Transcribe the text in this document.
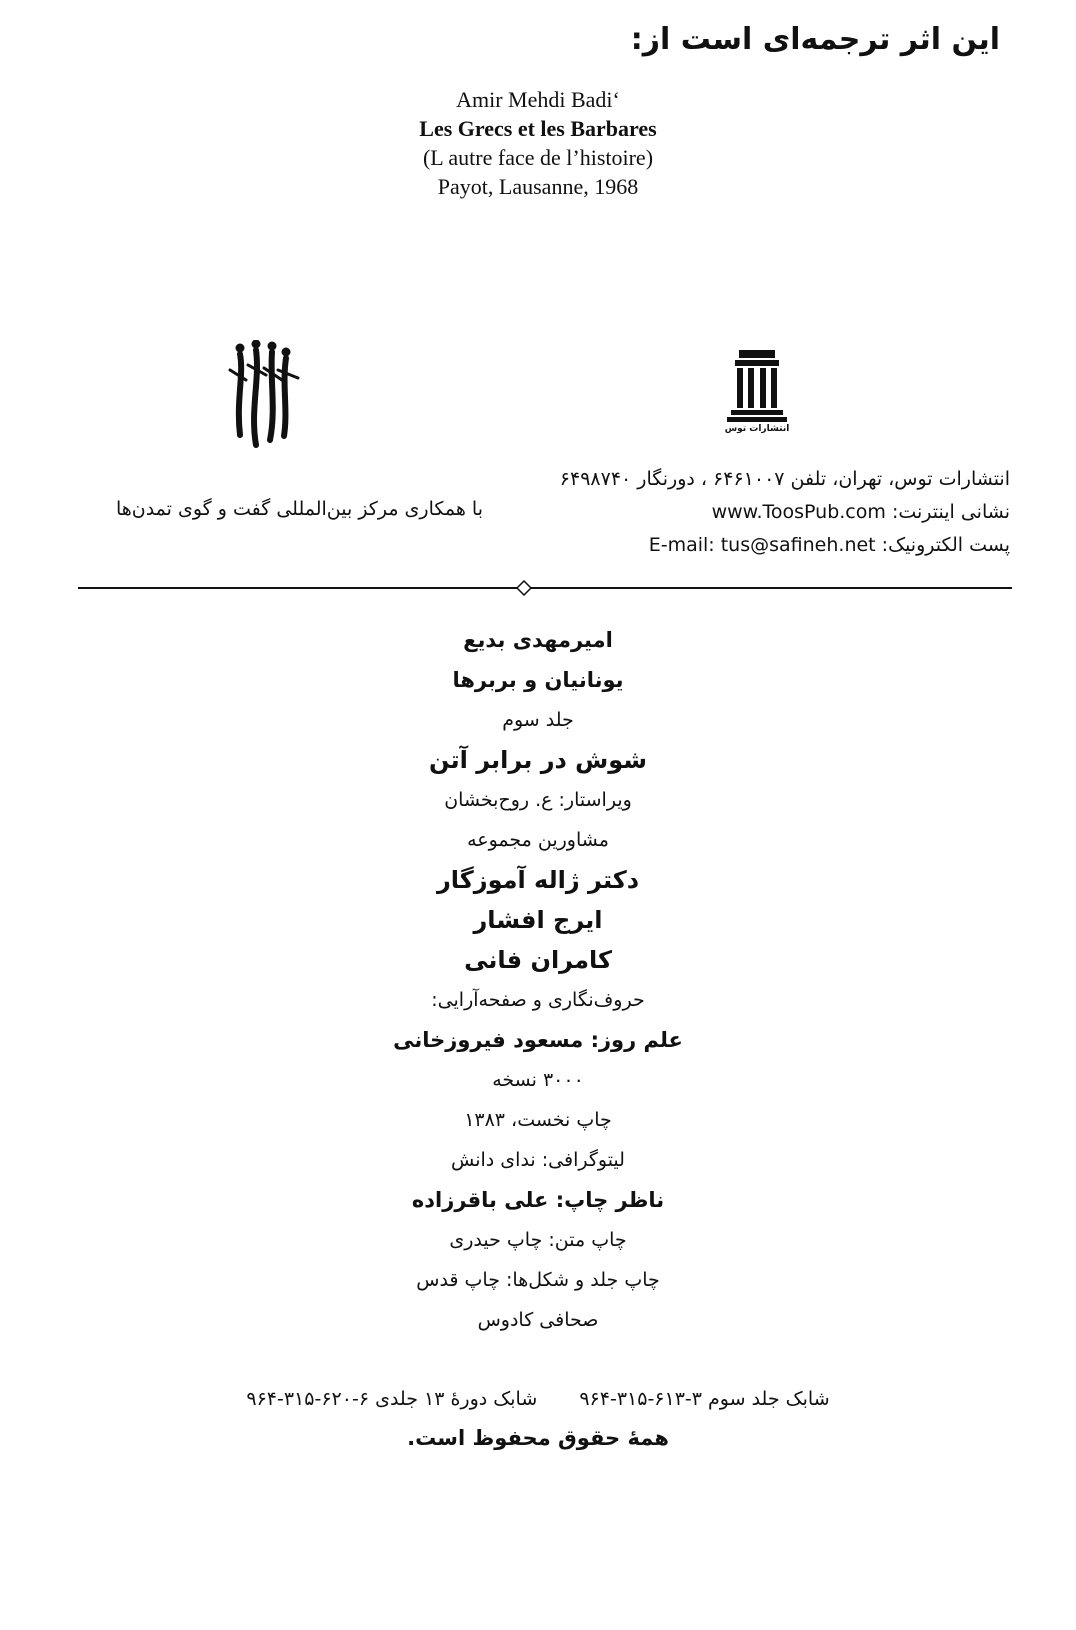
این اثر ترجمه‌ای است از:
Amir Mehdi Badi‘
Les Grecs et les Barbares
(L autre face de l’histoire)
Payot, Lausanne, 1968
انتشارات توس
با همکاری مرکز بین‌المللی گفت و گوی تمدن‌ها
انتشارات توس، تهران، تلفن ۶۴۶۱۰۰۷ ، دورنگار ۶۴۹۸۷۴۰
www.ToosPub.com نشانی اینترنت:
E-mail: tus@safineh.net پست الکترونیک:
امیرمهدی بدیع
یونانیان و بربرها
جلد سوم
شوش در برابر آتن
ویراستار: ع. روح‌بخشان
مشاورین مجموعه
دکتر ژاله آموزگار
ایرج افشار
کامران فانی
حروف‌نگاری و صفحه‌آرایی:
علم روز: مسعود فیروزخانی
۳۰۰۰ نسخه
چاپ نخست، ۱۳۸۳
لیتوگرافی: ندای دانش
ناظر چاپ: علی باقرزاده
چاپ متن: چاپ حیدری
چاپ جلد و شکل‌ها: چاپ قدس
صحافی کادوس
شابک جلد سوم ۳-۶۱۳-۳۱۵-۹۶۴ شابک دورهٔ ۱۳ جلدی ۶-۶۲۰-۳۱۵-۹۶۴
همهٔ حقوق محفوظ است.
